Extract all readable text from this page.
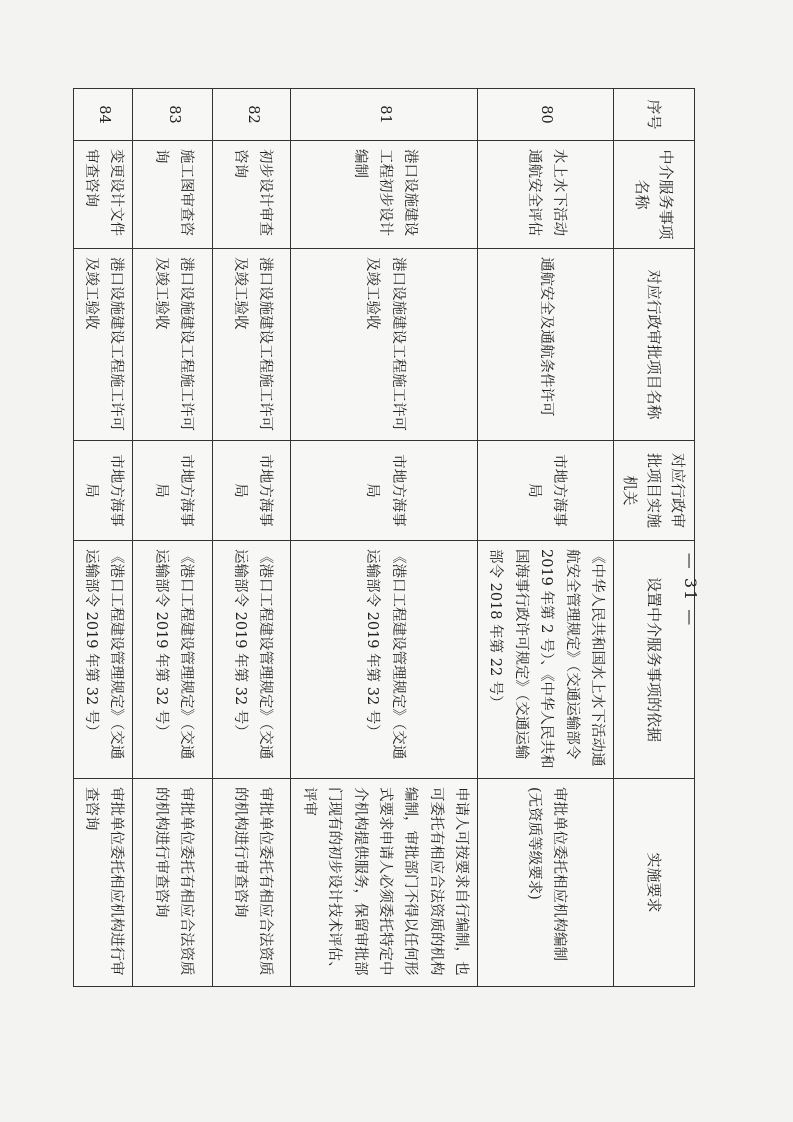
序号	中介服务事项名称	对应行政审批项目名称	对应行政审批项目实施机关	设置中介服务事项的依据	实施要求
80	水上水下活动通航安全评估	通航安全及通航条件许可	市地方海事局	《中华人民共和国水上水下活动通航安全管理规定》（交通运输部令 2019 年第 2 号）、《中华人民共和国海事行政许可规定》（交通运输部令 2018 年第 22 号）	审批单位委托相应机构编制(无资质等级要求)
81	港口设施建设工程初步设计编制	港口设施建设工程施工许可及竣工验收	市地方海事局	《港口工程建设管理规定》（交通运输部令 2019 年第 32 号）	申请人可按要求自行编制，也可委托有相应合法资质的机构编制，审批部门不得以任何形式要求申请人必须委托特定中介机构提供服务，保留审批部门现有的初步设计技术评估、评审
82	初步设计审查咨询	港口设施建设工程施工许可及竣工验收	市地方海事局	《港口工程建设管理规定》（交通运输部令 2019 年第 32 号）	审批单位委托有相应合法资质的机构进行审查咨询
83	施工图审查咨询	港口设施建设工程施工许可及竣工验收	市地方海事局	《港口工程建设管理规定》（交通运输部令 2019 年第 32 号）	审批单位委托有相应合法资质的机构进行审查咨询
84	变更设计文件审查咨询	港口设施建设工程施工许可及竣工验收	市地方海事局	《港口工程建设管理规定》（交通运输部令 2019 年第 32 号）	审批单位委托相应机构进行审查咨询
— 31 —
